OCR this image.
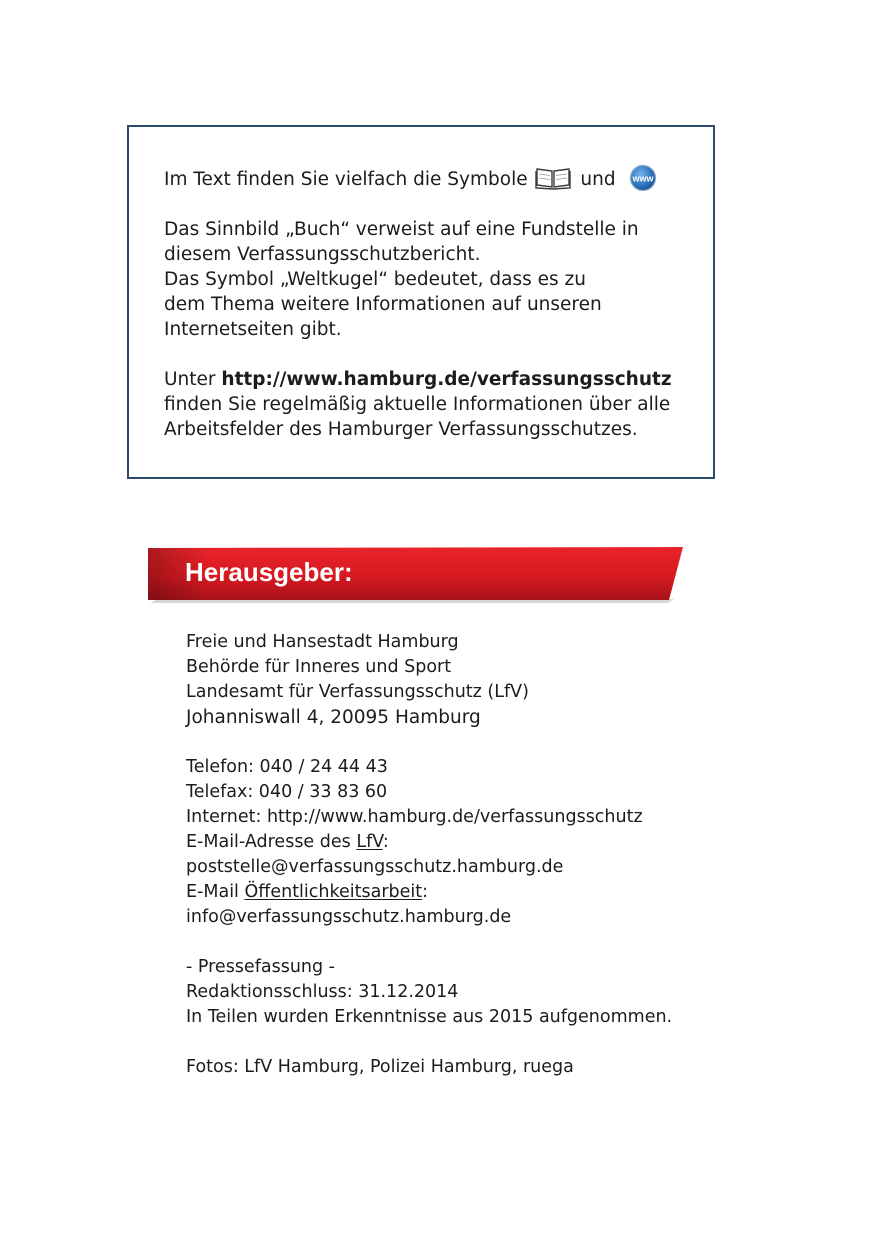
Im Text finden Sie vielfach die Symbole	und www

Das Sinnbild „Buch“ verweist auf eine Fundstelle in
diesem Verfassungsschutzbericht.
Das Symbol „Weltkugel“ bedeutet, dass es zu
dem Thema weitere Informationen auf unseren
Internetseiten gibt.

Unter http://www.hamburg.de/verfassungsschutz
finden Sie regelmäßig aktuelle Informationen über alle
Arbeitsfelder des Hamburger Verfassungsschutzes.

Herausgeber:
Freie und Hansestadt Hamburg
Behörde für Inneres und Sport
Landesamt für Verfassungsschutz (LfV)
Johanniswall 4, 20095 Hamburg
Telefon: 040 / 24 44 43
Telefax: 040 / 33 83 60
Internet: http://www.hamburg.de/verfassungsschutz
E-Mail-Adresse des LfV:
poststelle@verfassungsschutz.hamburg.de
E-Mail Öffentlichkeitsarbeit:
info@verfassungsschutz.hamburg.de
- Pressefassung -
Redaktionsschluss: 31.12.2014
In Teilen wurden Erkenntnisse aus 2015 aufgenommen.
Fotos: LfV Hamburg, Polizei Hamburg, ruega
